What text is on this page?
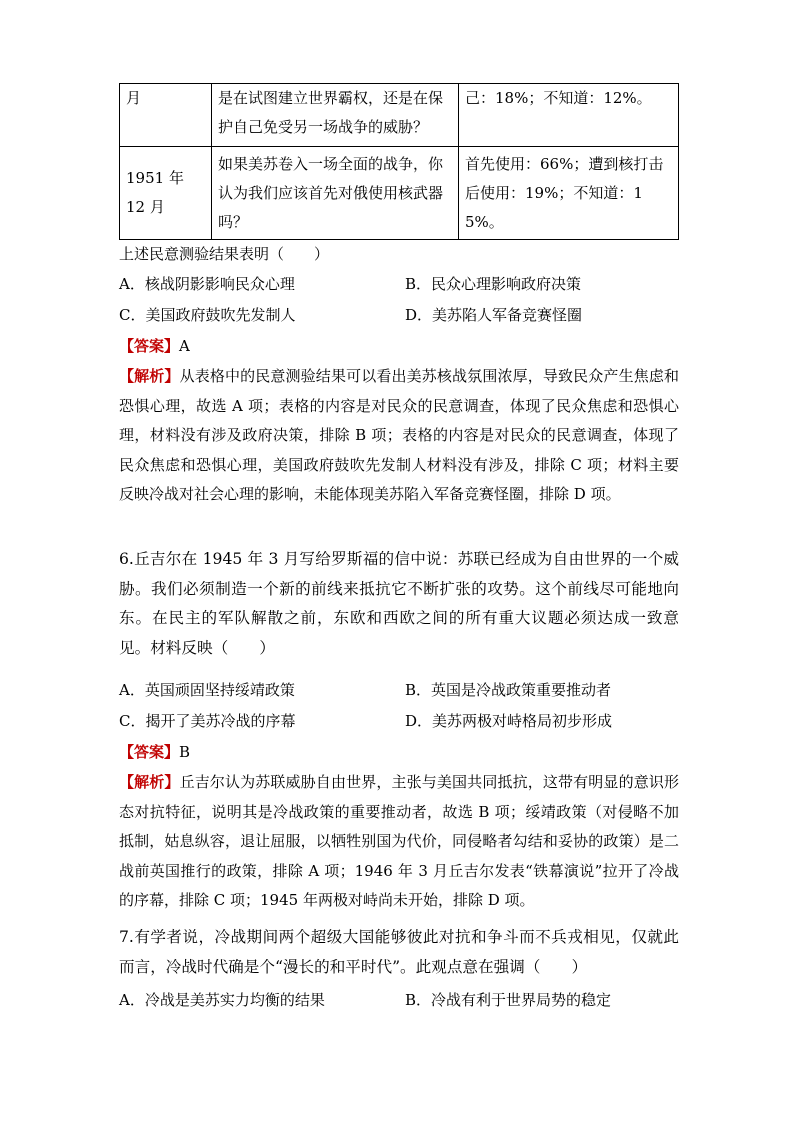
月	是在试图建立世界霸权，还是在保护自己免受另一场战争的威胁？	己：18%；不知道：12%。
1951 年 12 月	如果美苏卷入一场全面的战争，你认为我们应该首先对俄使用核武器吗？	首先使用：66%；遭到核打击后使用：19%；不知道：15%。
上述民意测验结果表明（　　）
A．核战阴影影响民众心理	B．民众心理影响政府决策
C．美国政府鼓吹先发制人	D．美苏陷人军备竞赛怪圈
【答案】A
【解析】从表格中的民意测验结果可以看出美苏核战氛围浓厚，导致民众产生焦虑和恐惧心理，故选 A 项；表格的内容是对民众的民意调查，体现了民众焦虑和恐惧心理，材料没有涉及政府决策，排除 B 项；表格的内容是对民众的民意调查，体现了民众焦虑和恐惧心理，美国政府鼓吹先发制人材料没有涉及，排除 C 项；材料主要反映冷战对社会心理的影响，未能体现美苏陷入军备竞赛怪圈，排除 D 项。
6.丘吉尔在 1945 年 3 月写给罗斯福的信中说：苏联已经成为自由世界的一个威胁。我们必须制造一个新的前线来抵抗它不断扩张的攻势。这个前线尽可能地向东。在民主的军队解散之前，东欧和西欧之间的所有重大议题必须达成一致意见。材料反映（　　）
A．英国顽固坚持绥靖政策	B．英国是冷战政策重要推动者
C．揭开了美苏冷战的序幕	D．美苏两极对峙格局初步形成
【答案】B
【解析】丘吉尔认为苏联威胁自由世界，主张与美国共同抵抗，这带有明显的意识形态对抗特征，说明其是冷战政策的重要推动者，故选 B 项；绥靖政策（对侵略不加抵制，姑息纵容，退让屈服，以牺牲别国为代价，同侵略者勾结和妥协的政策）是二战前英国推行的政策，排除 A 项；1946 年 3 月丘吉尔发表“铁幕演说”拉开了冷战的序幕，排除 C 项；1945 年两极对峙尚未开始，排除 D 项。
7.有学者说，冷战期间两个超级大国能够彼此对抗和争斗而不兵戎相见，仅就此而言，冷战时代确是个“漫长的和平时代”。此观点意在强调（　　）
A．冷战是美苏实力均衡的结果	B．冷战有利于世界局势的稳定
